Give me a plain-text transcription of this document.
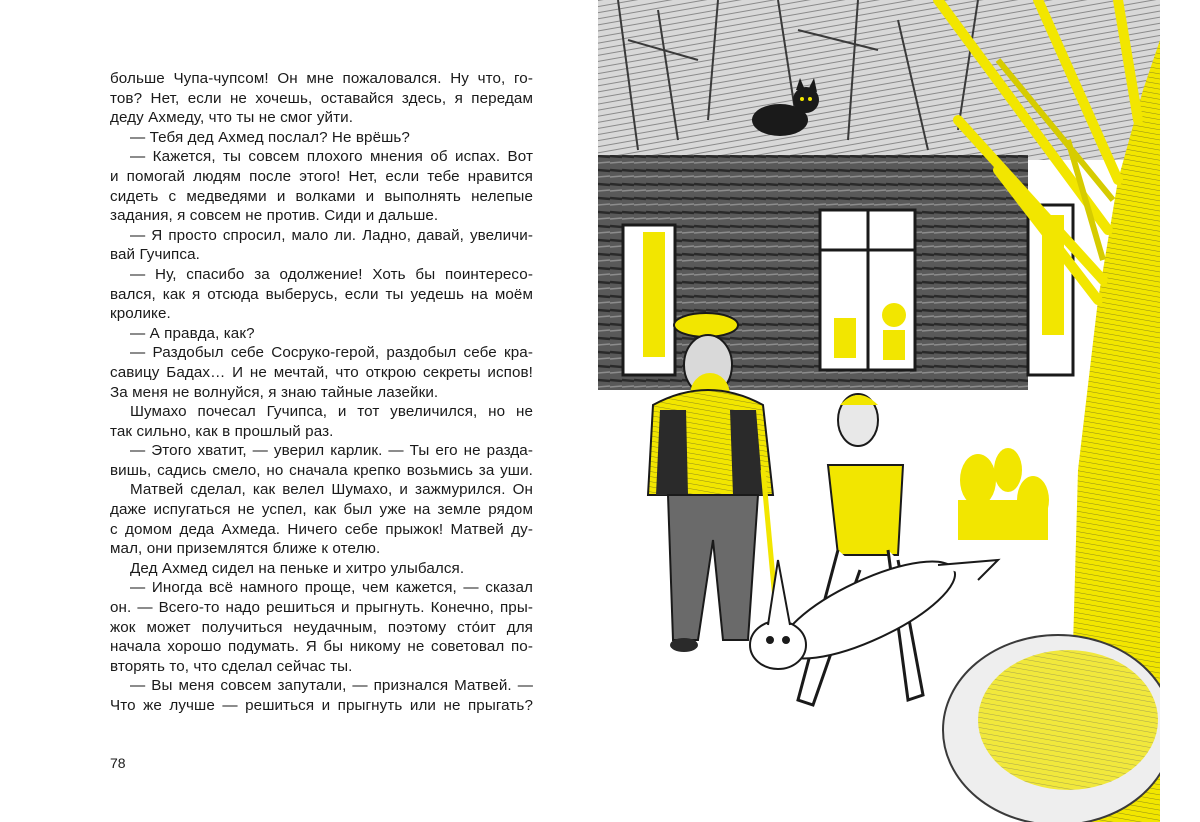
больше Чупа-чупсом! Он мне пожаловался. Ну что, го-
тов? Нет, если не хочешь, оставайся здесь, я передам
деду Ахмеду, что ты не смог уйти.
— Тебя дед Ахмед послал? Не врёшь?
— Кажется, ты совсем плохого мнения об испах. Вот
и помогай людям после этого! Нет, если тебе нравится
сидеть с медведями и волками и выполнять нелепые
задания, я совсем не против. Сиди и дальше.
— Я просто спросил, мало ли. Ладно, давай, увеличи-
вай Гучипса.
— Ну, спасибо за одолжение! Хоть бы поинтересо-
вался, как я отсюда выберусь, если ты уедешь на моём
кролике.
— А правда, как?
— Раздобыл себе Сосруко-герой, раздобыл себе кра-
савицу Бадах… И не мечтай, что открою секреты испов!
За меня не волнуйся, я знаю тайные лазейки.
Шумахо почесал Гучипса, и тот увеличился, но не
так сильно, как в прошлый раз.
— Этого хватит, — уверил карлик. — Ты его не разда-
вишь, садись смело, но сначала крепко возьмись за уши.
Матвей сделал, как велел Шумахо, и зажмурился. Он
даже испугаться не успел, как был уже на земле рядом
с домом деда Ахмеда. Ничего себе прыжок! Матвей ду-
мал, они приземлятся ближе к отелю.
Дед Ахмед сидел на пеньке и хитро улыбался.
— Иногда всё намного проще, чем кажется, — сказал
он. — Всего-то надо решиться и прыгнуть. Конечно, пры-
жок может получиться неудачным, поэтому сто́ит для
начала хорошо подумать. Я бы никому не советовал по-
вторять то, что сделал сейчас ты.
— Вы меня совсем запутали, — признался Матвей. —
Что же лучше — решиться и прыгнуть или не прыгать?
78
